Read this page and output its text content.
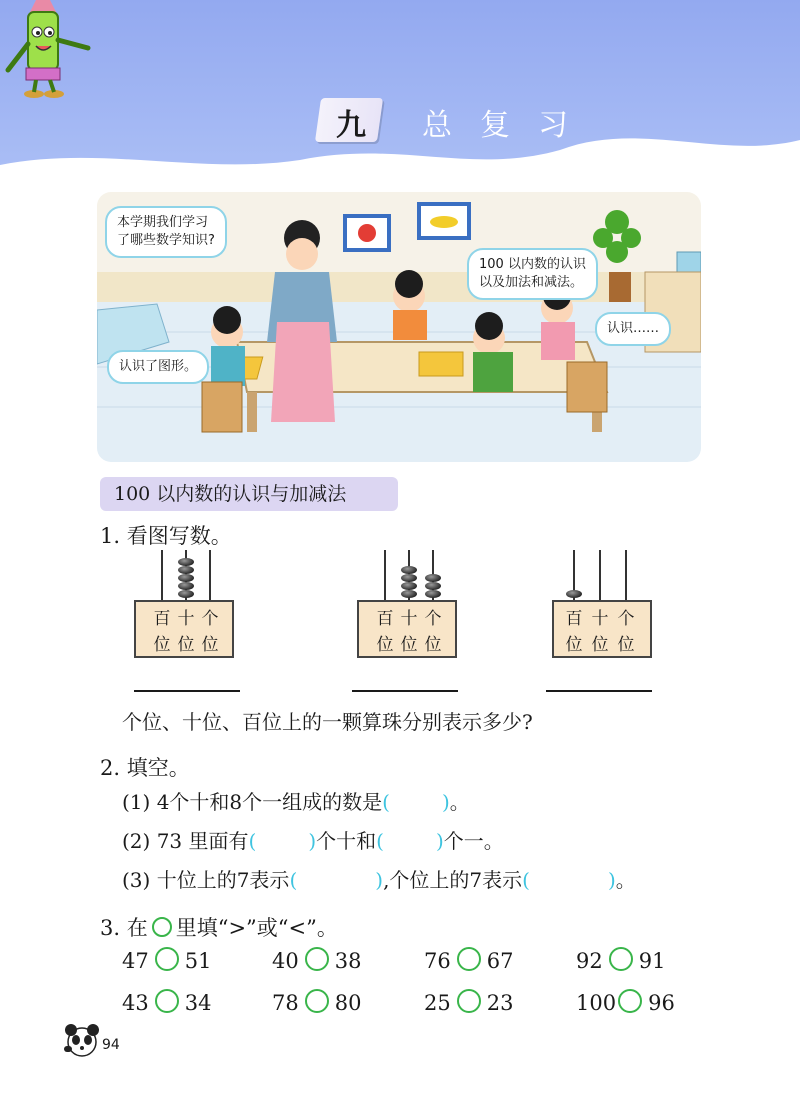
九 总复习
本学期我们学习
了哪些数学知识?
100 以内数的认识
以及加法和减法。
认识……
认识了图形。
100 以内数的认识与加减法
1. 看图写数。
百 十 个
位 位 位
百 十 个
位 位 位
百 十 个
位 位 位
个位、十位、百位上的一颗算珠分别表示多少?
2. 填空。
(1) 4个十和8个一组成的数是(	)。
(2) 73 里面有(	)个十和(	)个一。
(3) 十位上的7表示(	),个位上的7表示(	)。
3. 在 里填“>”或“<”。
47 51	40 38	76 67	92 91
43 34	78 80	25 23	100 96
94
